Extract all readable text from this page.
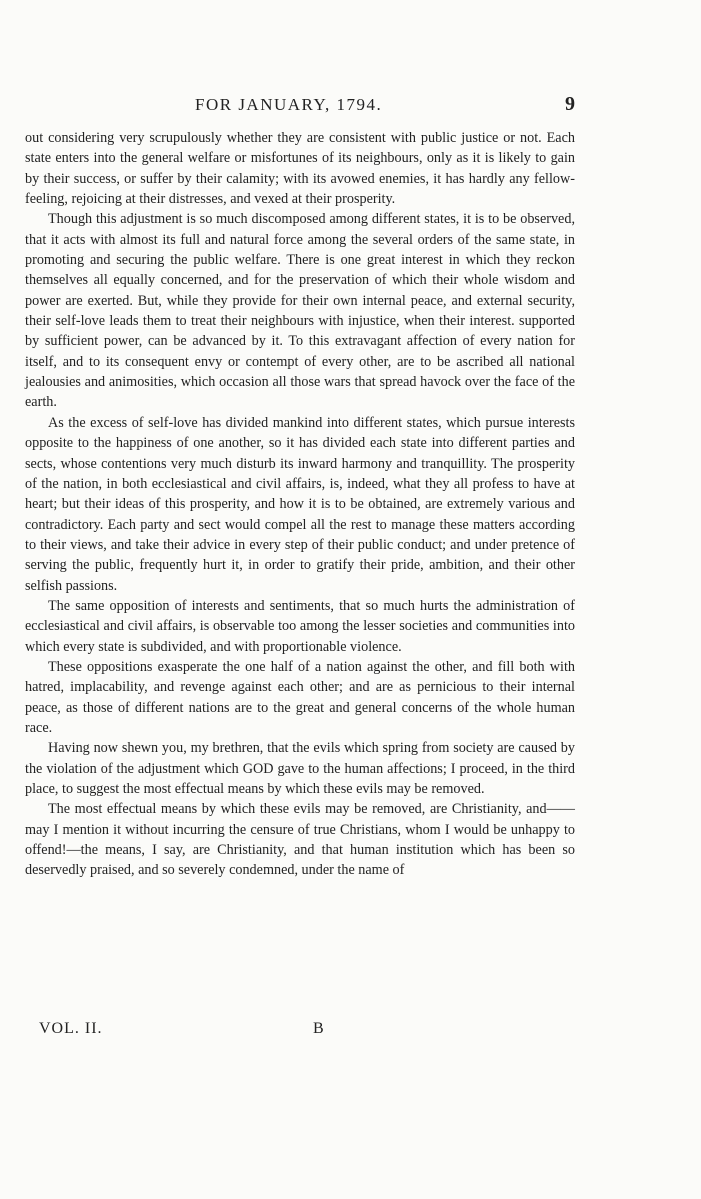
FOR JANUARY, 1794.	9

out considering very scrupulously whether they are consistent with public justice or not. Each state enters into the general welfare or misfortunes of its neighbours, only as it is likely to gain by their success, or suffer by their calamity; with its avowed enemies, it has hardly any fellow-feeling, rejoicing at their distresses, and vexed at their prosperity.

Though this adjustment is so much discomposed among different states, it is to be observed, that it acts with almost its full and natural force among the several orders of the same state, in promoting and securing the public welfare. There is one great interest in which they reckon themselves all equally concerned, and for the preservation of which their whole wisdom and power are exerted. But, while they provide for their own internal peace, and external security, their self-love leads them to treat their neighbours with injustice, when their interest. supported by sufficient power, can be advanced by it. To this extravagant affection of every nation for itself, and to its consequent envy or contempt of every other, are to be ascribed all national jealousies and animosities, which occasion all those wars that spread havock over the face of the earth.

As the excess of self-love has divided mankind into different states, which pursue interests opposite to the happiness of one another, so it has divided each state into different parties and sects, whose contentions very much disturb its inward harmony and tranquillity. The prosperity of the nation, in both ecclesiastical and civil affairs, is, indeed, what they all profess to have at heart; but their ideas of this prosperity, and how it is to be obtained, are extremely various and contradictory. Each party and sect would compel all the rest to manage these matters according to their views, and take their advice in every step of their public conduct; and under pretence of serving the public, frequently hurt it, in order to gratify their pride, ambition, and their other selfish passions.

The same opposition of interests and sentiments, that so much hurts the administration of ecclesiastical and civil affairs, is observable too among the lesser societies and communities into which every state is subdivided, and with proportionable violence.

These oppositions exasperate the one half of a nation against the other, and fill both with hatred, implacability, and revenge against each other; and are as pernicious to their internal peace, as those of different nations are to the great and general concerns of the whole human race.

Having now shewn you, my brethren, that the evils which spring from society are caused by the violation of the adjustment which GOD gave to the human affections; I proceed, in the third place, to suggest the most effectual means by which these evils may be removed.

The most effectual means by which these evils may be removed, are Christianity, and——may I mention it without incurring the censure of true Christians, whom I would be unhappy to offend!—the means, I say, are Christianity, and that human institution which has been so deservedly praised, and so severely condemned, under the name of

VOL. II.	B
